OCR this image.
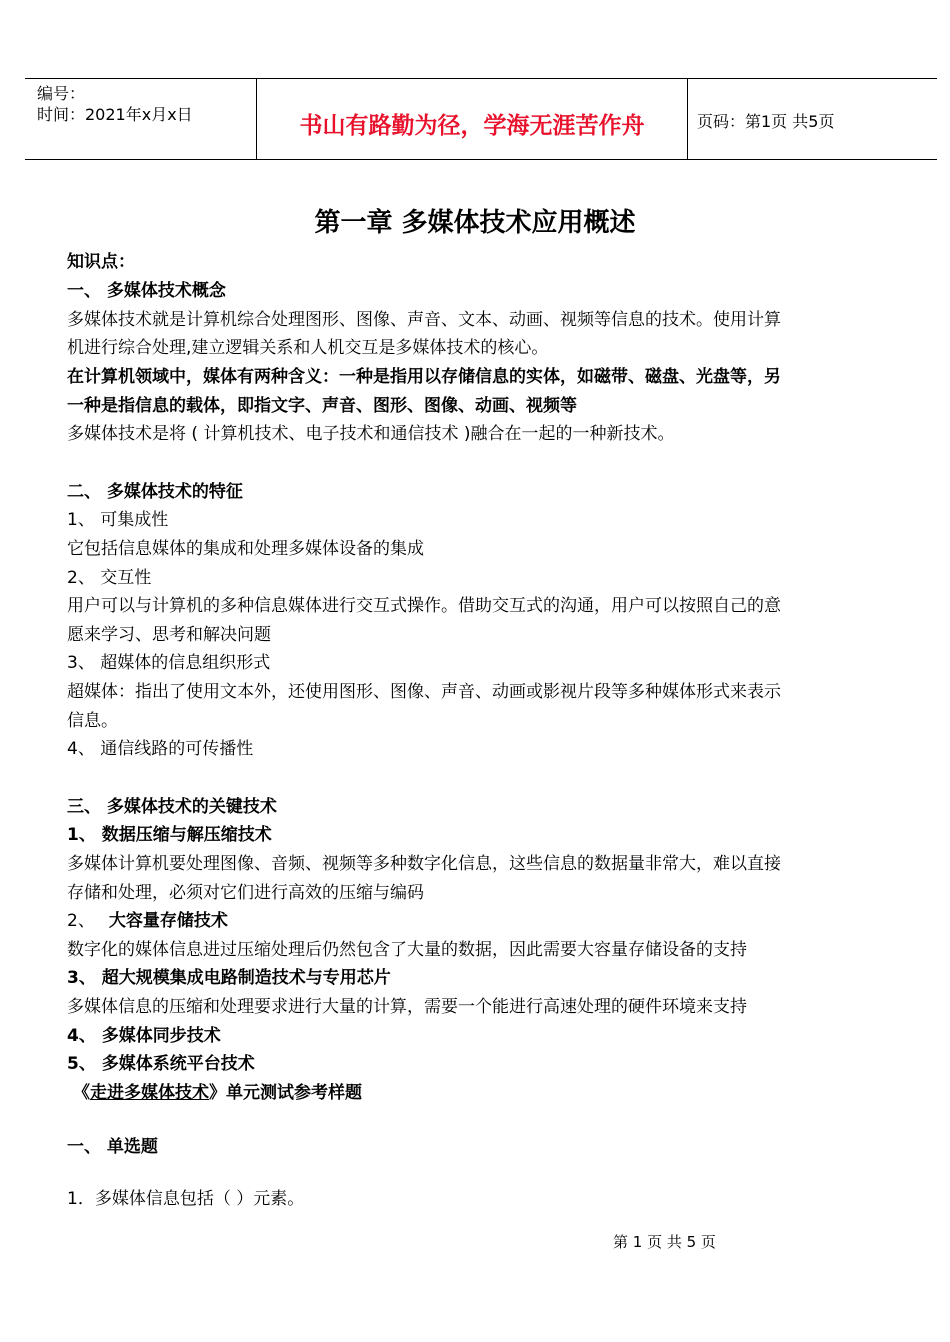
编号：
时间：2021年x月x日	书山有路勤为径，学海无涯苦作舟	页码：第1页 共5页
第一章 多媒体技术应用概述
知识点：
一、 多媒体技术概念
多媒体技术就是计算机综合处理图形、图像、声音、文本、动画、视频等信息的技术。使用计算
机进行综合处理,建立逻辑关系和人机交互是多媒体技术的核心。
在计算机领域中，媒体有两种含义：一种是指用以存储信息的实体，如磁带、磁盘、光盘等，另
一种是指信息的载体，即指文字、声音、图形、图像、动画、视频等
多媒体技术是将 ( 计算机技术、电子技术和通信技术 )融合在一起的一种新技术。
二、 多媒体技术的特征
1、 可集成性
它包括信息媒体的集成和处理多媒体设备的集成
2、 交互性
用户可以与计算机的多种信息媒体进行交互式操作。借助交互式的沟通，用户可以按照自己的意
愿来学习、思考和解决问题
3、 超媒体的信息组织形式
超媒体：指出了使用文本外，还使用图形、图像、声音、动画或影视片段等多种媒体形式来表示
信息。
4、 通信线路的可传播性
三、 多媒体技术的关键技术
1、 数据压缩与解压缩技术
多媒体计算机要处理图像、音频、视频等多种数字化信息，这些信息的数据量非常大，难以直接
存储和处理，必须对它们进行高效的压缩与编码
2、 大容量存储技术
数字化的媒体信息进过压缩处理后仍然包含了大量的数据，因此需要大容量存储设备的支持
3、 超大规模集成电路制造技术与专用芯片
多媒体信息的压缩和处理要求进行大量的计算，需要一个能进行高速处理的硬件环境来支持
4、 多媒体同步技术
5、 多媒体系统平台技术
《走进多媒体技术》单元测试参考样题
一、 单选题
1．多媒体信息包括（ ）元素。
第 1 页 共 5 页
